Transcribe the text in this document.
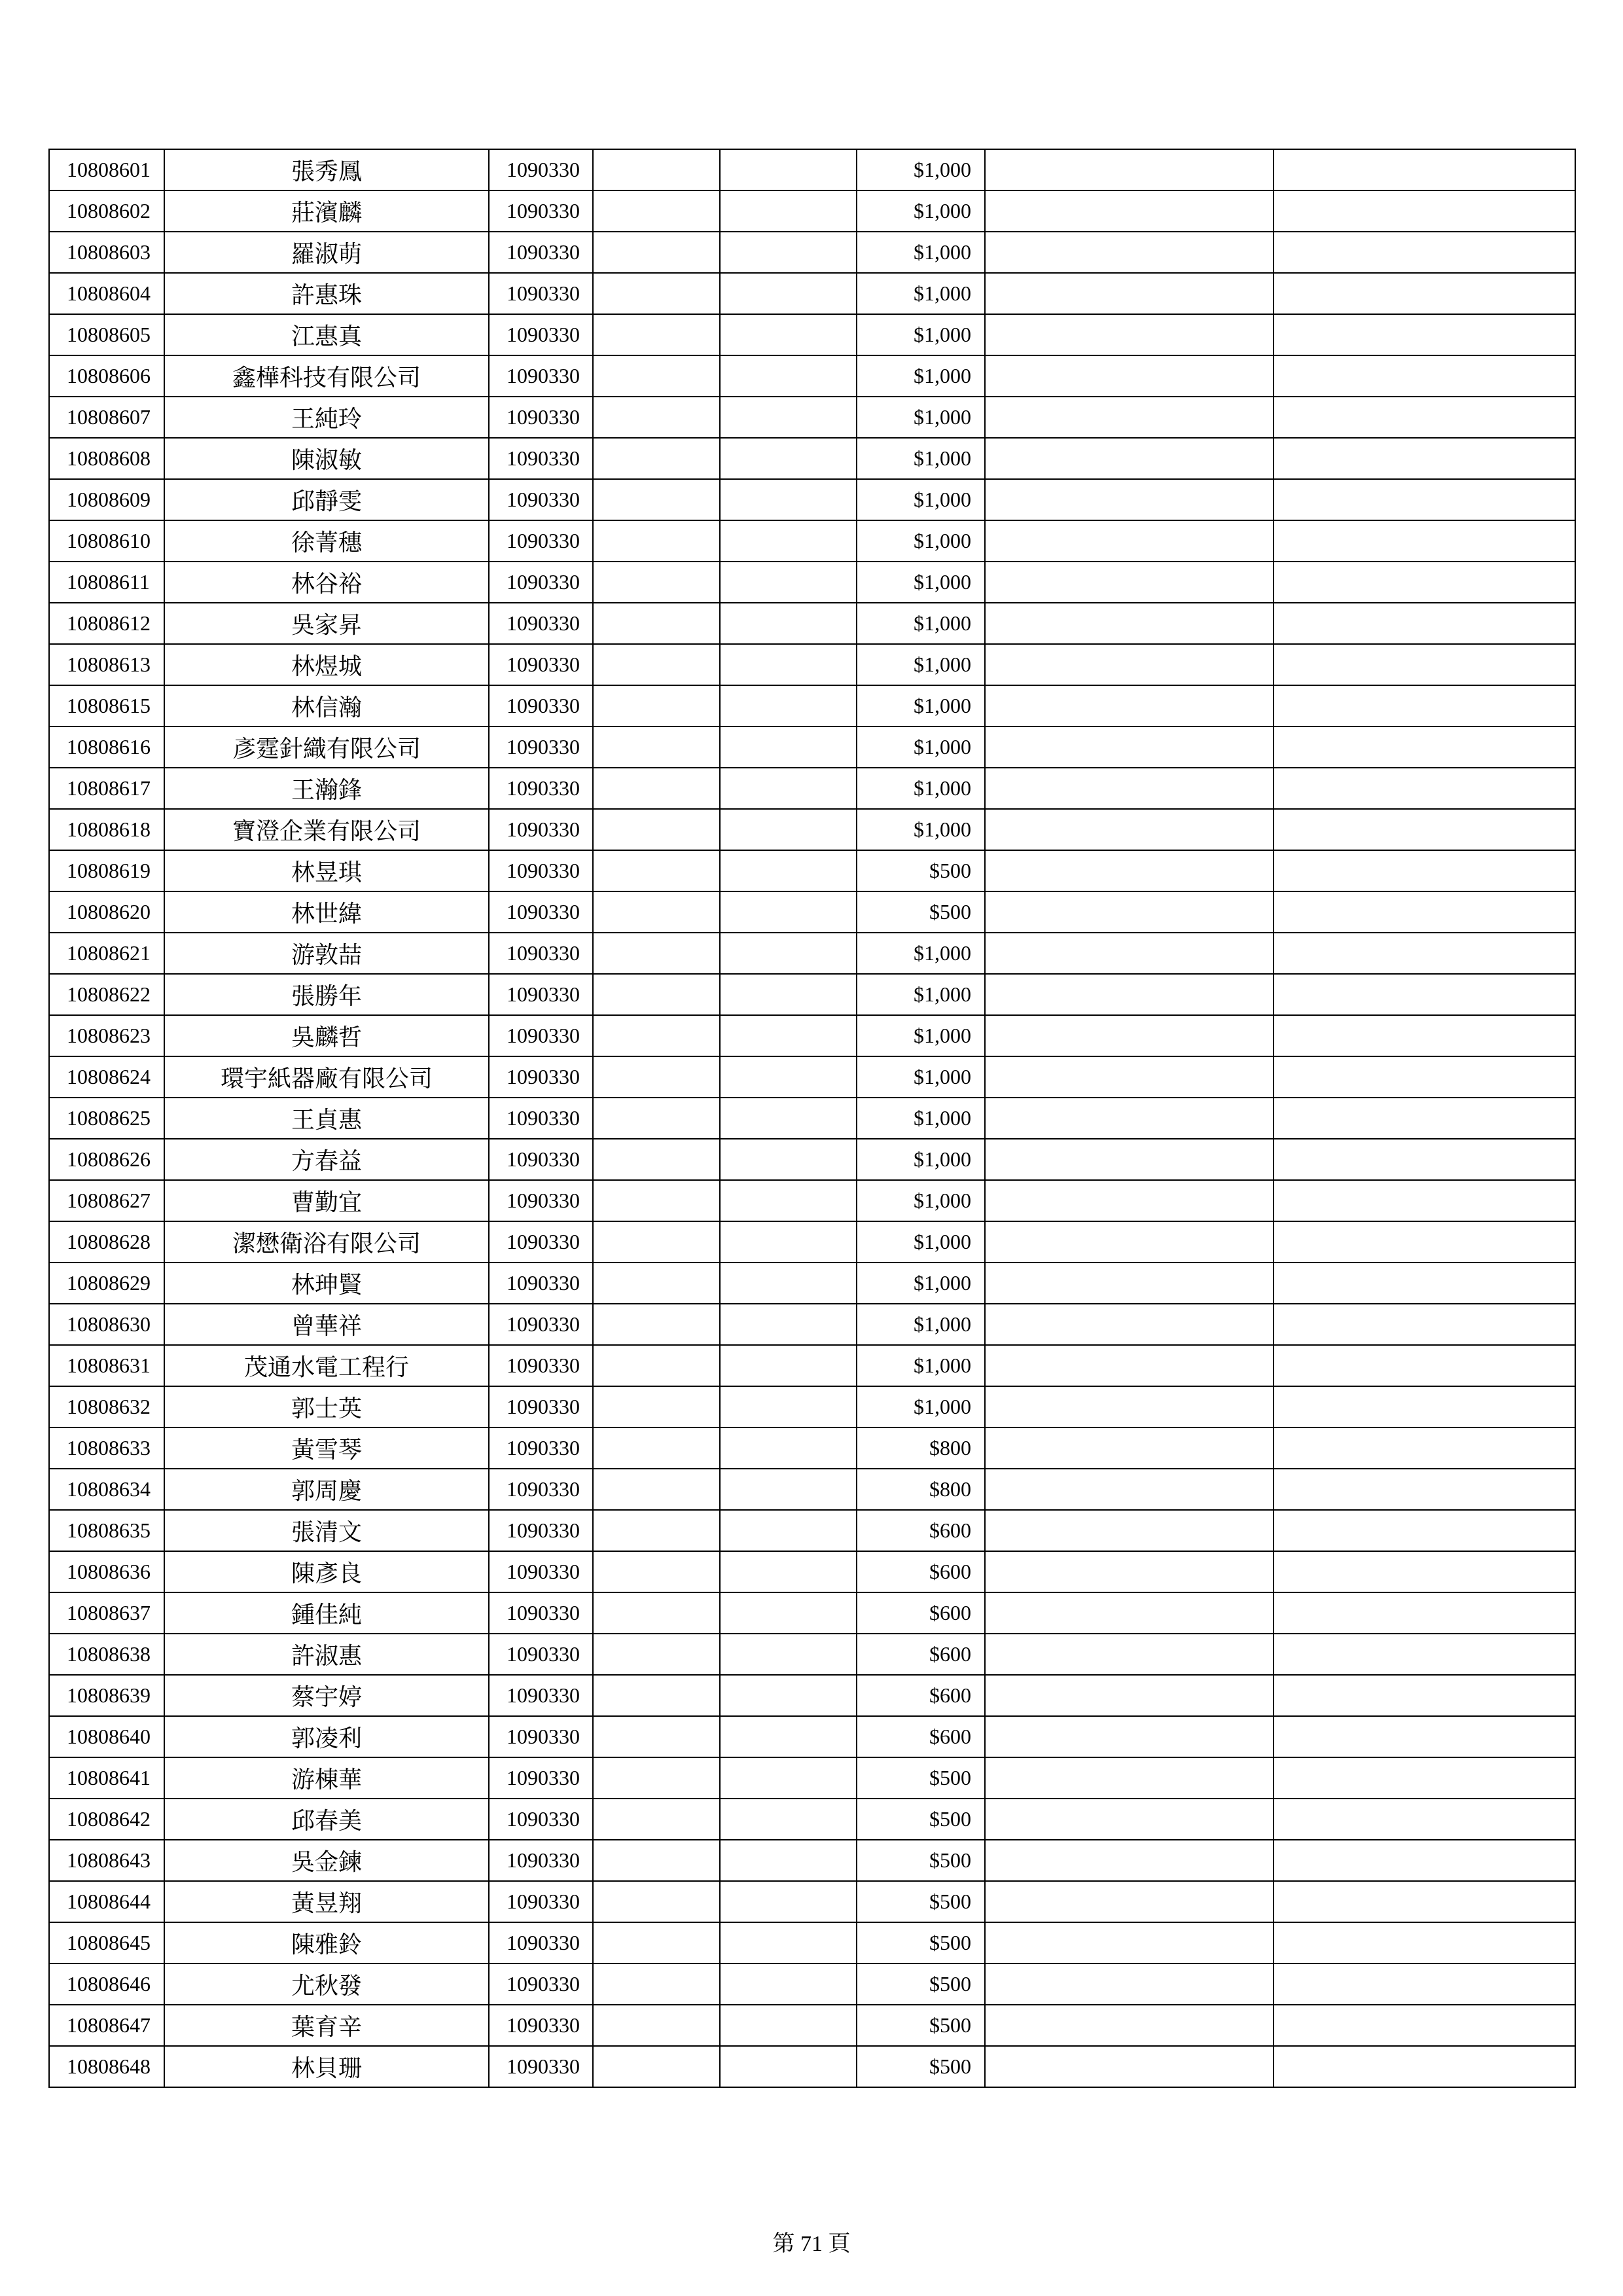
10808601	張秀鳳	1090330			$1,000		
10808602	莊濱麟	1090330			$1,000		
10808603	羅淑萌	1090330			$1,000		
10808604	許惠珠	1090330			$1,000		
10808605	江惠真	1090330			$1,000		
10808606	鑫樺科技有限公司	1090330			$1,000		
10808607	王純玲	1090330			$1,000		
10808608	陳淑敏	1090330			$1,000		
10808609	邱靜雯	1090330			$1,000		
10808610	徐菁穗	1090330			$1,000		
10808611	林谷裕	1090330			$1,000		
10808612	吳家昇	1090330			$1,000		
10808613	林煜城	1090330			$1,000		
10808615	林信瀚	1090330			$1,000		
10808616	彥霆針織有限公司	1090330			$1,000		
10808617	王瀚鋒	1090330			$1,000		
10808618	寶澄企業有限公司	1090330			$1,000		
10808619	林昱琪	1090330			$500		
10808620	林世緯	1090330			$500		
10808621	游敦喆	1090330			$1,000		
10808622	張勝年	1090330			$1,000		
10808623	吳麟哲	1090330			$1,000		
10808624	環宇紙器廠有限公司	1090330			$1,000		
10808625	王貞惠	1090330			$1,000		
10808626	方春益	1090330			$1,000		
10808627	曹勤宜	1090330			$1,000		
10808628	潔懋衛浴有限公司	1090330			$1,000		
10808629	林珅賢	1090330			$1,000		
10808630	曾華祥	1090330			$1,000		
10808631	茂通水電工程行	1090330			$1,000		
10808632	郭士英	1090330			$1,000		
10808633	黃雪琴	1090330			$800		
10808634	郭周慶	1090330			$800		
10808635	張清文	1090330			$600		
10808636	陳彥良	1090330			$600		
10808637	鍾佳純	1090330			$600		
10808638	許淑惠	1090330			$600		
10808639	蔡宇婷	1090330			$600		
10808640	郭凌利	1090330			$600		
10808641	游棟華	1090330			$500		
10808642	邱春美	1090330			$500		
10808643	吳金鍊	1090330			$500		
10808644	黃昱翔	1090330			$500		
10808645	陳雅鈴	1090330			$500		
10808646	尤秋發	1090330			$500		
10808647	葉育辛	1090330			$500		
10808648	林貝珊	1090330			$500		
第 71 頁
